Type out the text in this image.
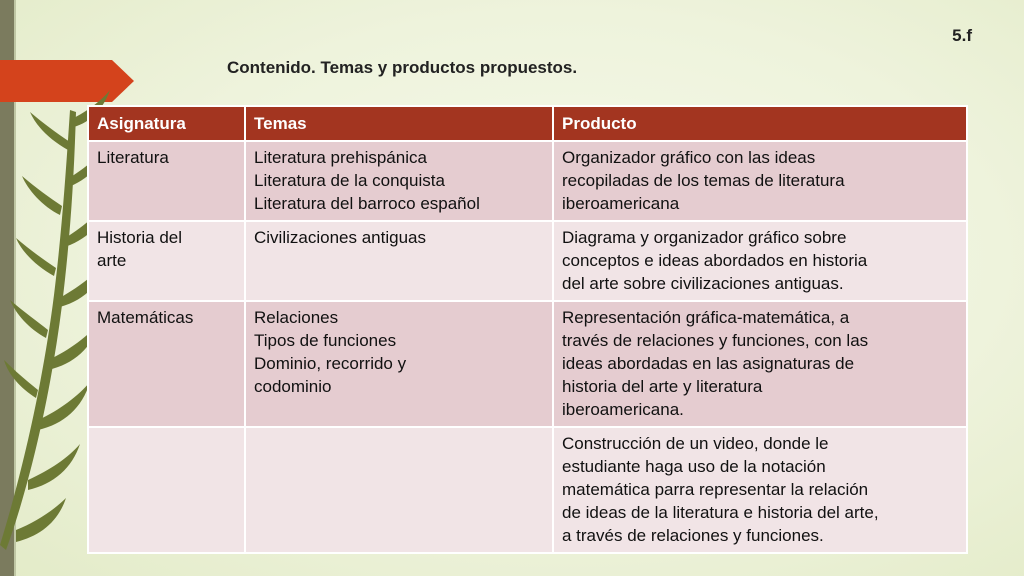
5.f
Contenido. Temas y productos propuestos.
Asignatura	Temas	Producto

Literatura	Literatura prehispánica
Literatura de la conquista
Literatura del barroco español	Organizador gráfico con las ideas
recopiladas de los temas de literatura
iberoamericana

Historia del
arte	Civilizaciones antiguas	Diagrama y organizador gráfico sobre
conceptos e ideas abordados en historia
del arte sobre civilizaciones antiguas.

Matemáticas	Relaciones
Tipos de funciones
Dominio, recorrido y
codominio	Representación gráfica-matemática, a
través de relaciones y funciones, con las
ideas abordadas en las asignaturas de
historia del arte y literatura
iberoamericana.

		Construcción de un video, donde le
estudiante haga uso de la notación
matemática parra representar la relación
de ideas de la literatura e historia del arte,
a través de relaciones y funciones.
